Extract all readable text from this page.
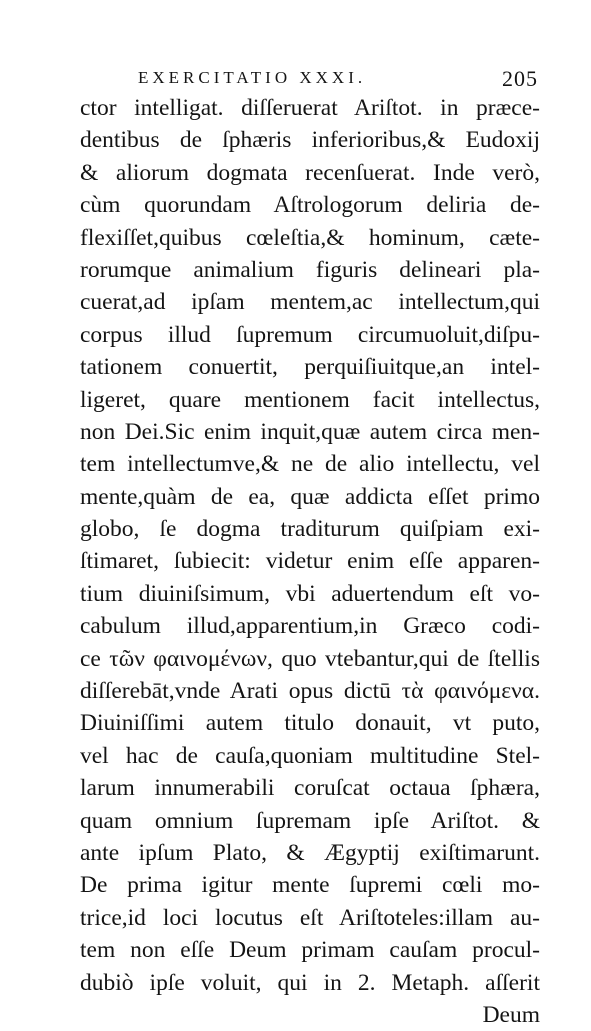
EXERCITATIO XXXI.	205
ctor intelligat. diſſeruerat Ariſtot. in præce-
dentibus de ſphæris inferioribus,& Eudoxij
& aliorum dogmata recenſuerat. Inde verò,
cùm quorundam Aſtrologorum deliria de-
flexiſſet,quibus cœleſtia,& hominum, cæte-
rorumque animalium figuris delineari pla-
cuerat,ad ipſam mentem,ac intellectum,qui
corpus illud ſupremum circumuoluit,diſpu-
tationem conuertit, perquiſiuitque,an intel-
ligeret, quare mentionem facit intellectus,
non Dei.Sic enim inquit,quæ autem circa men-
tem intellectumve,& ne de alio intellectu, vel
mente,quàm de ea, quæ addicta eſſet primo
globo, ſe dogma traditurum quiſpiam exi-
ſtimaret, ſubiecit: videtur enim eſſe apparen-
tium diuiniſsimum, vbi aduertendum eſt vo-
cabulum illud,apparentium,in Græco codi-
ce τῶν φαινομένων, quo vtebantur,qui de ſtellis
diſſerebāt,vnde Arati opus dictū τὰ φαινόμενα.
Diuiniſſimi autem titulo donauit, vt puto,
vel hac de cauſa,quoniam multitudine Stel-
larum innumerabili coruſcat octaua ſphæra,
quam omnium ſupremam ipſe Ariſtot. &
ante ipſum Plato, & Ægyptij exiſtimarunt.
De prima igitur mente ſupremi cœli mo-
trice,id loci locutus eſt Ariſtoteles:illam au-
tem non eſſe Deum primam cauſam procul-
dubiò ipſe voluit, qui in 2. Metaph. aſſerit
Deum
